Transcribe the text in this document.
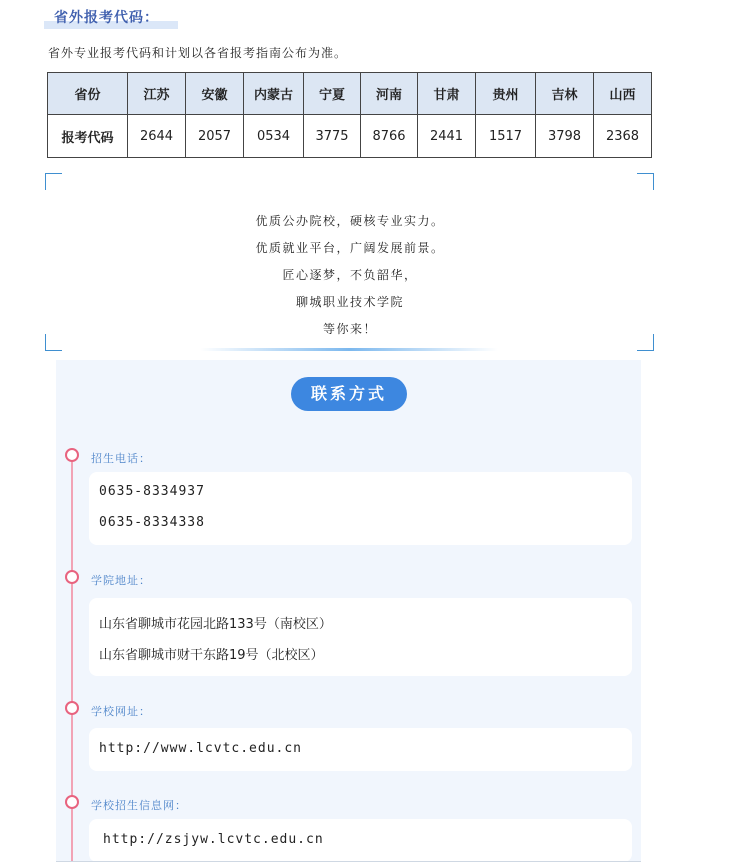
省外报考代码：
省外专业报考代码和计划以各省报考指南公布为准。
省份	江苏	安徽	内蒙古	宁夏	河南	甘肃	贵州	吉林	山西
报考代码	2644	2057	0534	3775	8766	2441	1517	3798	2368

优质公办院校，硬核专业实力。

优质就业平台，广阔发展前景。

匠心逐梦，不负韶华，

聊城职业技术学院

等你来！

联系方式
招生电话：
0635-8334937
0635-8334338
学院地址：
山东省聊城市花园北路133号（南校区）
山东省聊城市财干东路19号（北校区）
学校网址：
http://www.lcvtc.edu.cn
学校招生信息网：
http://zsjyw.lcvtc.edu.cn
